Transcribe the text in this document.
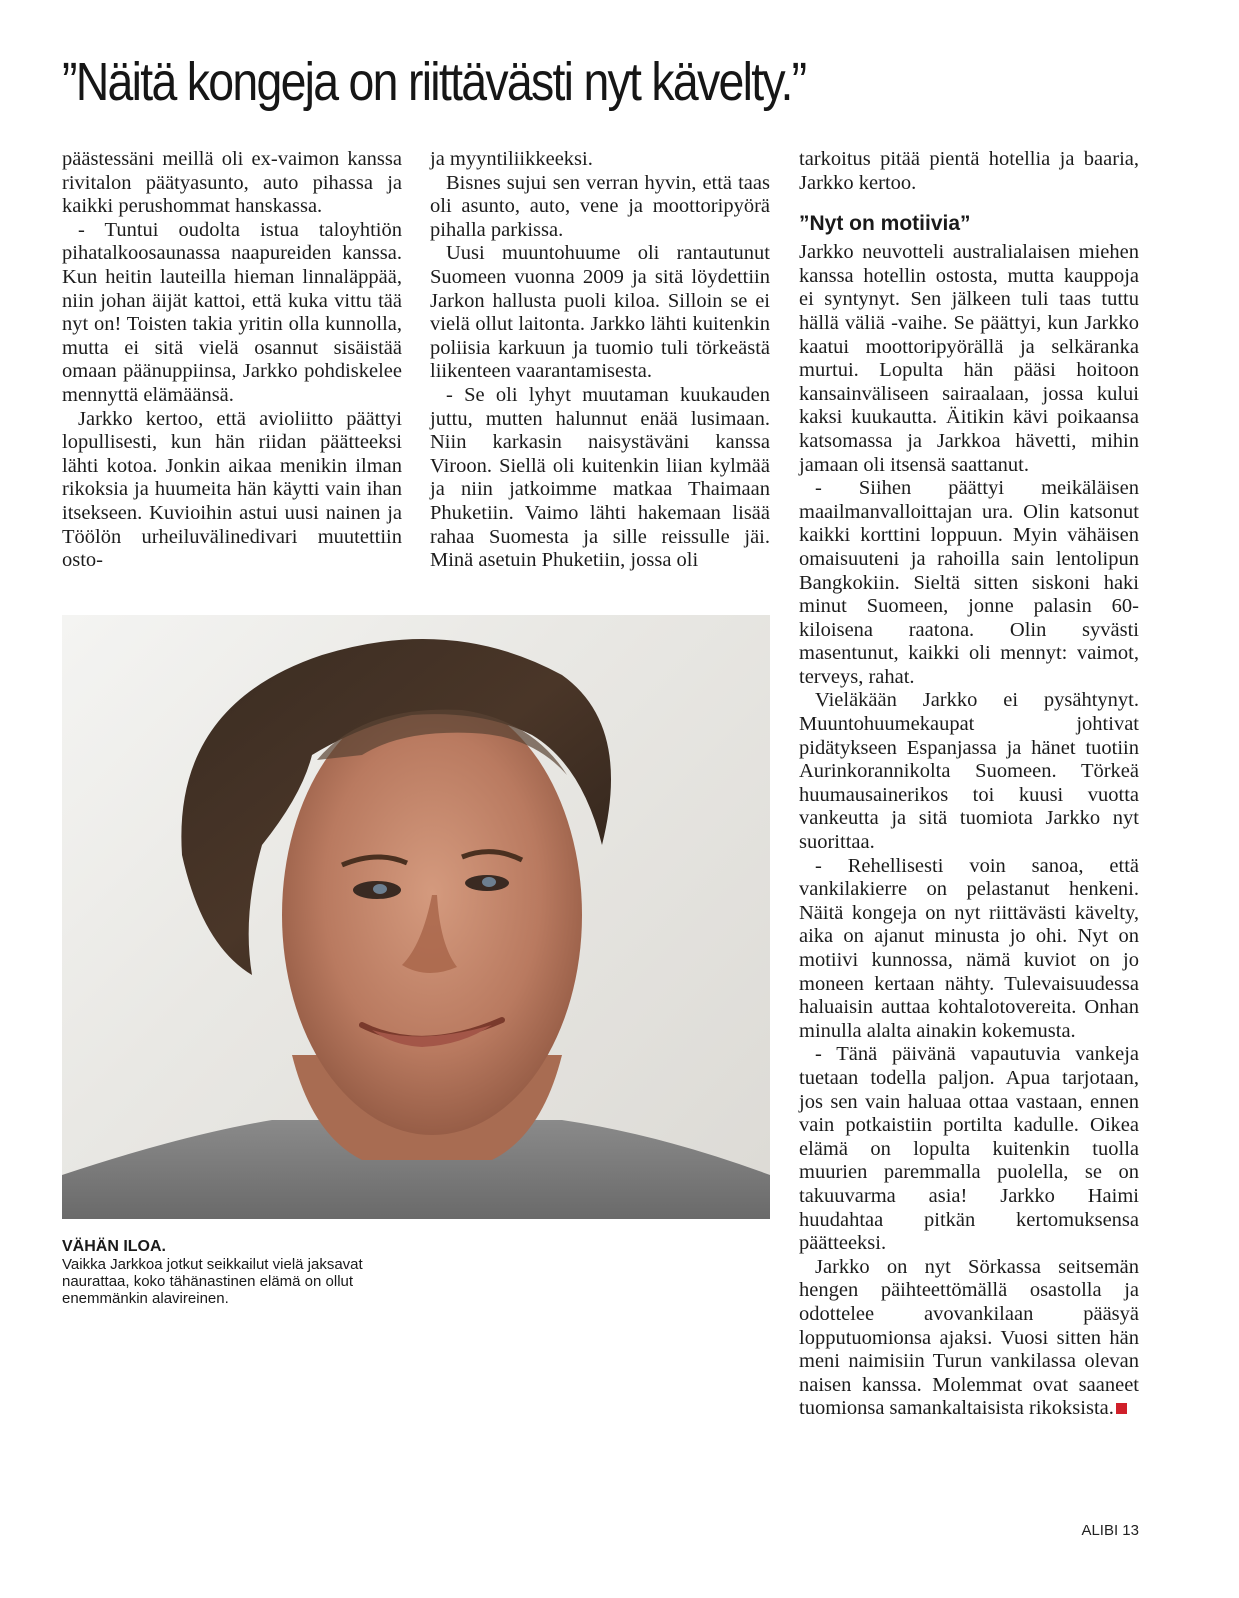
”Näitä kongeja on riittävästi nyt kävelty.”

päästessäni meillä oli ex-vaimon kanssa rivitalon päätyasunto, auto pihassa ja kaikki perushommat hanskassa.

- Tuntui oudolta istua taloyhtiön pihatalkoosaunassa naapureiden kanssa. Kun heitin lauteilla hieman linnaläppää, niin johan äijät kattoi, että kuka vittu tää nyt on! Toisten takia yritin olla kunnolla, mutta ei sitä vielä osannut sisäistää omaan päänuppiinsa, Jarkko pohdiskelee mennyttä elämäänsä.

Jarkko kertoo, että avioliitto päättyi lopullisesti, kun hän riidan päätteeksi lähti kotoa. Jonkin aikaa menikin ilman rikoksia ja huumeita hän käytti vain ihan itsekseen. Kuvioihin astui uusi nainen ja Töölön urheiluvälinedivari muutettiin osto-

ja myyntiliikkeeksi.

Bisnes sujui sen verran hyvin, että taas oli asunto, auto, vene ja moottoripyörä pihalla parkissa.

Uusi muuntohuume oli rantautunut Suomeen vuonna 2009 ja sitä löydettiin Jarkon hallusta puoli kiloa. Silloin se ei vielä ollut laitonta. Jarkko lähti kuitenkin poliisia karkuun ja tuomio tuli törkeästä liikenteen vaarantamisesta.

- Se oli lyhyt muutaman kuukauden juttu, mutten halunnut enää lusimaan. Niin karkasin naisystäväni kanssa Viroon. Siellä oli kuitenkin liian kylmää ja niin jatkoimme matkaa Thaimaan Phuketiin. Vaimo lähti hakemaan lisää rahaa Suomesta ja sille reissulle jäi. Minä asetuin Phuketiin, jossa oli

tarkoitus pitää pientä hotellia ja baaria, Jarkko kertoo.

”Nyt on motiivia”

Jarkko neuvotteli australialaisen miehen kanssa hotellin ostosta, mutta kauppoja ei syntynyt. Sen jälkeen tuli taas tuttu hällä väliä -vaihe. Se päättyi, kun Jarkko kaatui moottoripyörällä ja selkäranka murtui. Lopulta hän pääsi hoitoon kansainväliseen sairaalaan, jossa kului kaksi kuukautta. Äitikin kävi poikaansa katsomassa ja Jarkkoa hävetti, mihin jamaan oli itsensä saattanut.

- Siihen päättyi meikäläisen maailmanvalloittajan ura. Olin katsonut kaikki korttini loppuun. Myin vähäisen omaisuuteni ja rahoilla sain lentolipun Bangkokiin. Sieltä sitten siskoni haki minut Suomeen, jonne palasin 60-kiloisena raatona. Olin syvästi masentunut, kaikki oli mennyt: vaimot, terveys, rahat.

Vieläkään Jarkko ei pysähtynyt. Muuntohuumekaupat johtivat pidätykseen Espanjassa ja hänet tuotiin Aurinkorannikolta Suomeen. Törkeä huumausainerikos toi kuusi vuotta vankeutta ja sitä tuomiota Jarkko nyt suorittaa.

- Rehellisesti voin sanoa, että vankilakierre on pelastanut henkeni. Näitä kongeja on nyt riittävästi kävelty, aika on ajanut minusta jo ohi. Nyt on motiivi kunnossa, nämä kuviot on jo moneen kertaan nähty. Tulevaisuudessa haluaisin auttaa kohtalotovereita. Onhan minulla alalta ainakin kokemusta.

- Tänä päivänä vapautuvia vankeja tuetaan todella paljon. Apua tarjotaan, jos sen vain haluaa ottaa vastaan, ennen vain potkaistiin portilta kadulle. Oikea elämä on lopulta kuitenkin tuolla muurien paremmalla puolella, se on takuuvarma asia! Jarkko Haimi huudahtaa pitkän kertomuksensa päätteeksi.

Jarkko on nyt Sörkassa seitsemän hengen päihteettömällä osastolla ja odottelee avovankilaan pääsyä lopputuomionsa ajaksi. Vuosi sitten hän meni naimisiin Turun vankilassa olevan naisen kanssa. Molemmat ovat saaneet tuomionsa samankaltaisista rikoksista.

VÄHÄN ILOA.
Vaikka Jarkkoa jotkut seikkailut vielä jaksavat naurattaa, koko tähänastinen elämä on ollut enemmänkin alavireinen.
ALIBI 13
